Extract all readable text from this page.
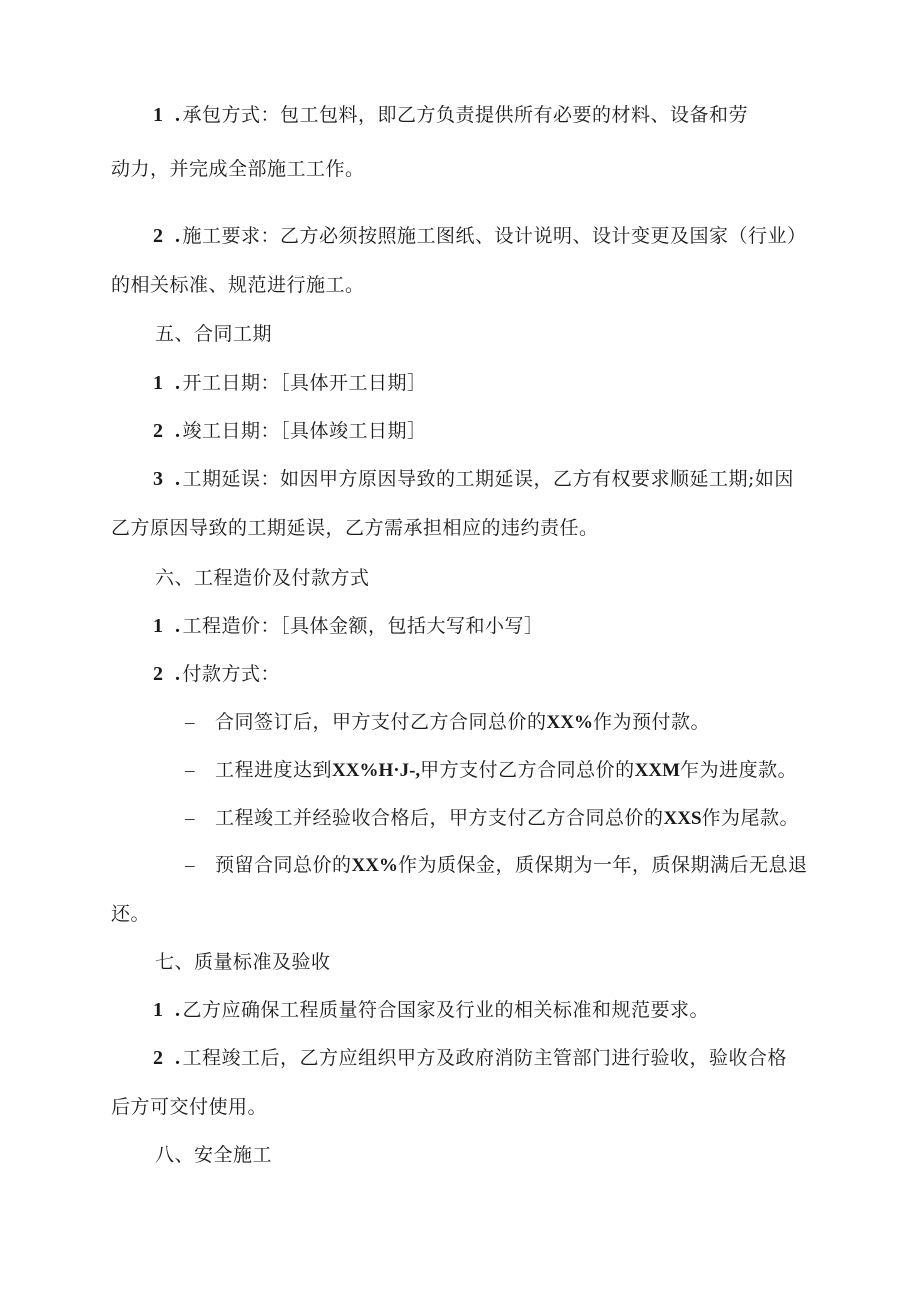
1 . 承包方式：包工包料，即乙方负责提供所有必要的材料、设备和劳
动力，并完成全部施工工作。
2 . 施工要求：乙方必须按照施工图纸、设计说明、设计变更及国家（行业）
的相关标准、规范进行施工。
五、合同工期
1 . 开工日期：［具体开工日期］
2 . 竣工日期：［具体竣工日期］
3 . 工期延误：如因甲方原因导致的工期延误，乙方有权要求顺延工期;如因
乙方原因导致的工期延误，乙方需承担相应的违约责任。
六、工程造价及付款方式
1 . 工程造价：［具体金额，包括大写和小写］
2 . 付款方式：
– 合同签订后，甲方支付乙方合同总价的XX%作为预付款。
– 工程进度达到XX%H·J-,甲方支付乙方合同总价的XXM乍为进度款。
– 工程竣工并经验收合格后，甲方支付乙方合同总价的XXS作为尾款。
– 预留合同总价的XX%作为质保金，质保期为一年，质保期满后无息退
还。
七、质量标准及验收
1 . 乙方应确保工程质量符合国家及行业的相关标准和规范要求。
2 . 工程竣工后，乙方应组织甲方及政府消防主管部门进行验收，验收合格
后方可交付使用。
八、安全施工
